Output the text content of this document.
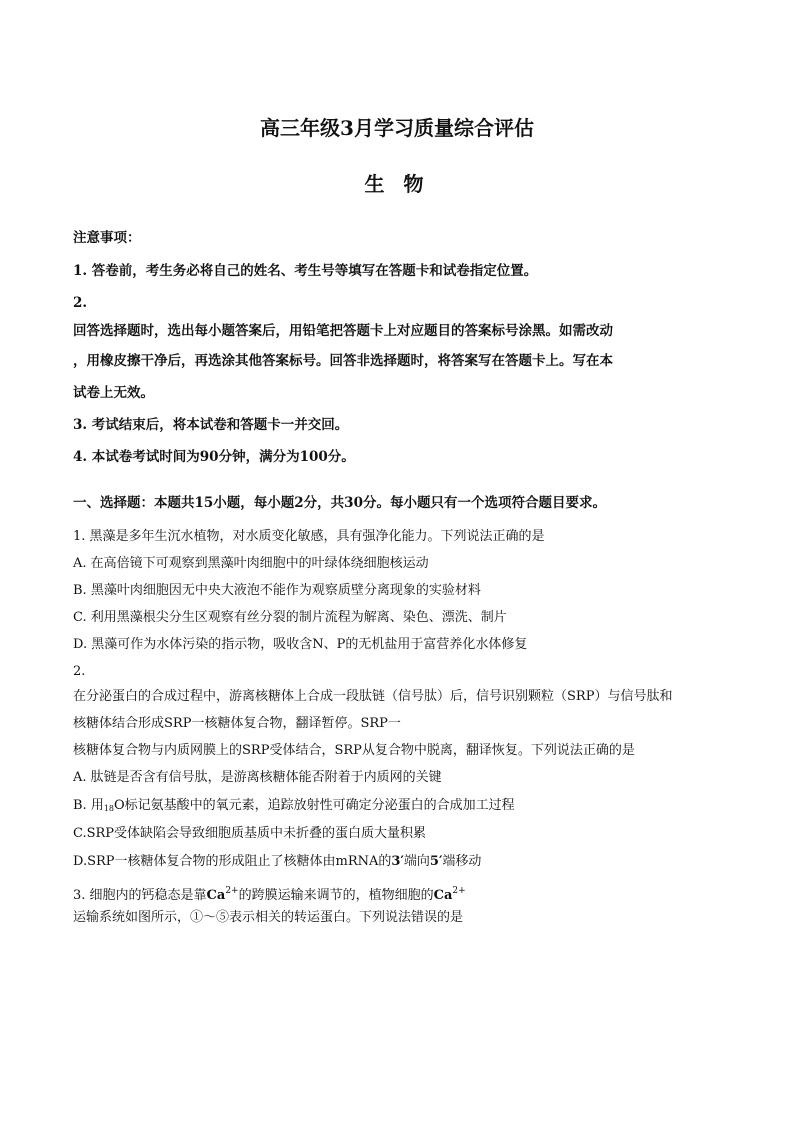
高三年级3月学习质量综合评估
生 物
注意事项：
1. 答卷前，考生务必将自己的姓名、考生号等填写在答题卡和试卷指定位置。
2.
回答选择题时，选出每小题答案后，用铅笔把答题卡上对应题目的答案标号涂黑。如需改动
，用橡皮擦干净后，再选涂其他答案标号。回答非选择题时，将答案写在答题卡上。写在本
试卷上无效。
3. 考试结束后，将本试卷和答题卡一并交回。
4. 本试卷考试时间为90分钟，满分为100分。
一、选择题：本题共15小题，每小题2分，共30分。每小题只有一个选项符合题目要求。
1. 黑藻是多年生沉水植物，对水质变化敏感，具有强净化能力。下列说法正确的是
A. 在高倍镜下可观察到黑藻叶肉细胞中的叶绿体绕细胞核运动
B. 黑藻叶肉细胞因无中央大液泡不能作为观察质壁分离现象的实验材料
C. 利用黑藻根尖分生区观察有丝分裂的制片流程为解离、染色、漂洗、制片
D. 黑藻可作为水体污染的指示物，吸收含N、P的无机盐用于富营养化水体修复
2.
在分泌蛋白的合成过程中，游离核糖体上合成一段肽链（信号肽）后，信号识别颗粒（SRP）与信号肽和
核糖体结合形成SRP一核糖体复合物，翻译暂停。SRP一
核糖体复合物与内质网膜上的SRP受体结合，SRP从复合物中脱离，翻译恢复。下列说法正确的是
A. 肽链是否含有信号肽，是游离核糖体能否附着于内质网的关键
B. 用$_{18}$O标记氨基酸中的氧元素，追踪放射性可确定分泌蛋白的合成加工过程
C.SRP受体缺陷会导致细胞质基质中未折叠的蛋白质大量积累
D.SRP一核糖体复合物的形成阻止了核糖体由mRNA的3′端向5′端移动
3. 细胞内的钙稳态是靠$Ca^{2+}$的跨膜运输来调节的，植物细胞的$Ca^{2+}$
运输系统如图所示，①～⑤表示相关的转运蛋白。下列说法错误的是
